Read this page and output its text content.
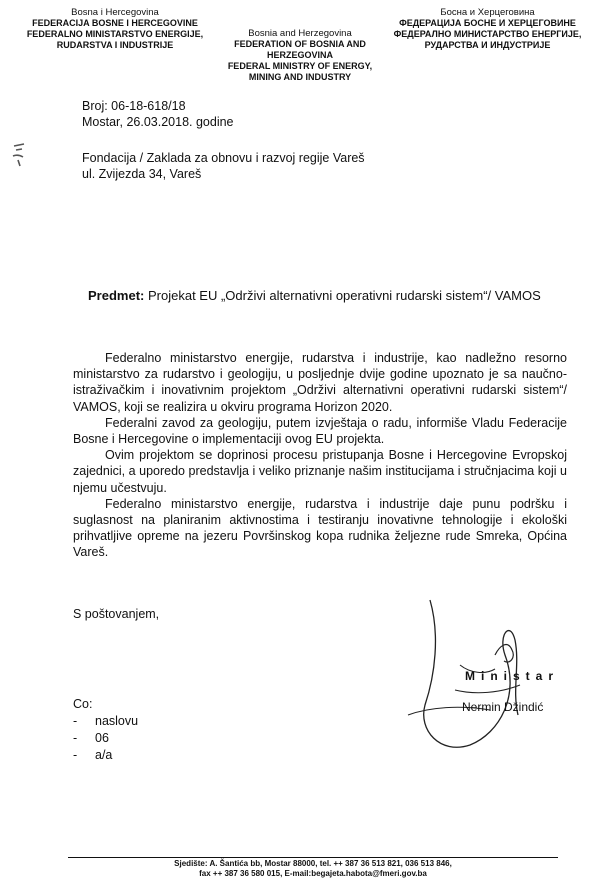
Bosna i Hercegovina
FEDERACIJA BOSNE I HERCEGOVINE
FEDERALNO MINISTARSTVO ENERGIJE,
RUDARSTVA I INDUSTRIJE
Bosnia and Herzegovina
FEDERATION OF BOSNIA AND HERZEGOVINA
FEDERAL MINISTRY OF ENERGY,
MINING AND INDUSTRY
Босна и Херцеговина
ФЕДЕРАЦИЈА БОСНЕ И ХЕРЦЕГОВИНЕ
ФЕДЕРАЛНО МИНИСТАРСТВО ЕНЕРГИЈЕ,
РУДАРСТВА И ИНДУСТРИЈЕ
Broj: 06-18-618/18
Mostar, 26.03.2018. godine
Fondacija / Zaklada za obnovu i razvoj regije Vareš
ul. Zvijezda 34, Vareš
Predmet: Projekat EU „Održivi alternativni operativni rudarski sistem“/ VAMOS

Federalno ministarstvo energije, rudarstva i industrije, kao nadležno resorno ministarstvo za rudarstvo i geologiju, u posljednje dvije godine upoznato je sa naučno-istraživačkim i inovativnim projektom „Održivi alternativni operativni rudarski sistem“/ VAMOS, koji se realizira u okviru programa Horizon 2020.

Federalni zavod za geologiju, putem izvještaja o radu, informiše Vladu Federacije Bosne i Hercegovine o implementaciji ovog EU projekta.

Ovim projektom se doprinosi procesu pristupanja Bosne i Hercegovine Evropskoj zajednici, a uporedo predstavlja i veliko priznanje našim institucijama i stručnjacima koji u njemu učestvuju.

Federalno ministarstvo energije, rudarstva i industrije daje punu podršku i suglasnost na planiranim aktivnostima i testiranju inovativne tehnologije i ekološki prihvatljive opreme na jezeru Površinskog kopa rudnika željezne rude Smreka, Općina Vareš.

S poštovanjem,
Co:
- naslovu
- 06
- a/a
Ministar
Nermin Džindić
Sjedište: A. Šantića bb, Mostar 88000, tel. ++ 387 36 513 821, 036 513 846,
fax ++ 387 36 580 015, E-mail:begajeta.habota@fmeri.gov.ba
